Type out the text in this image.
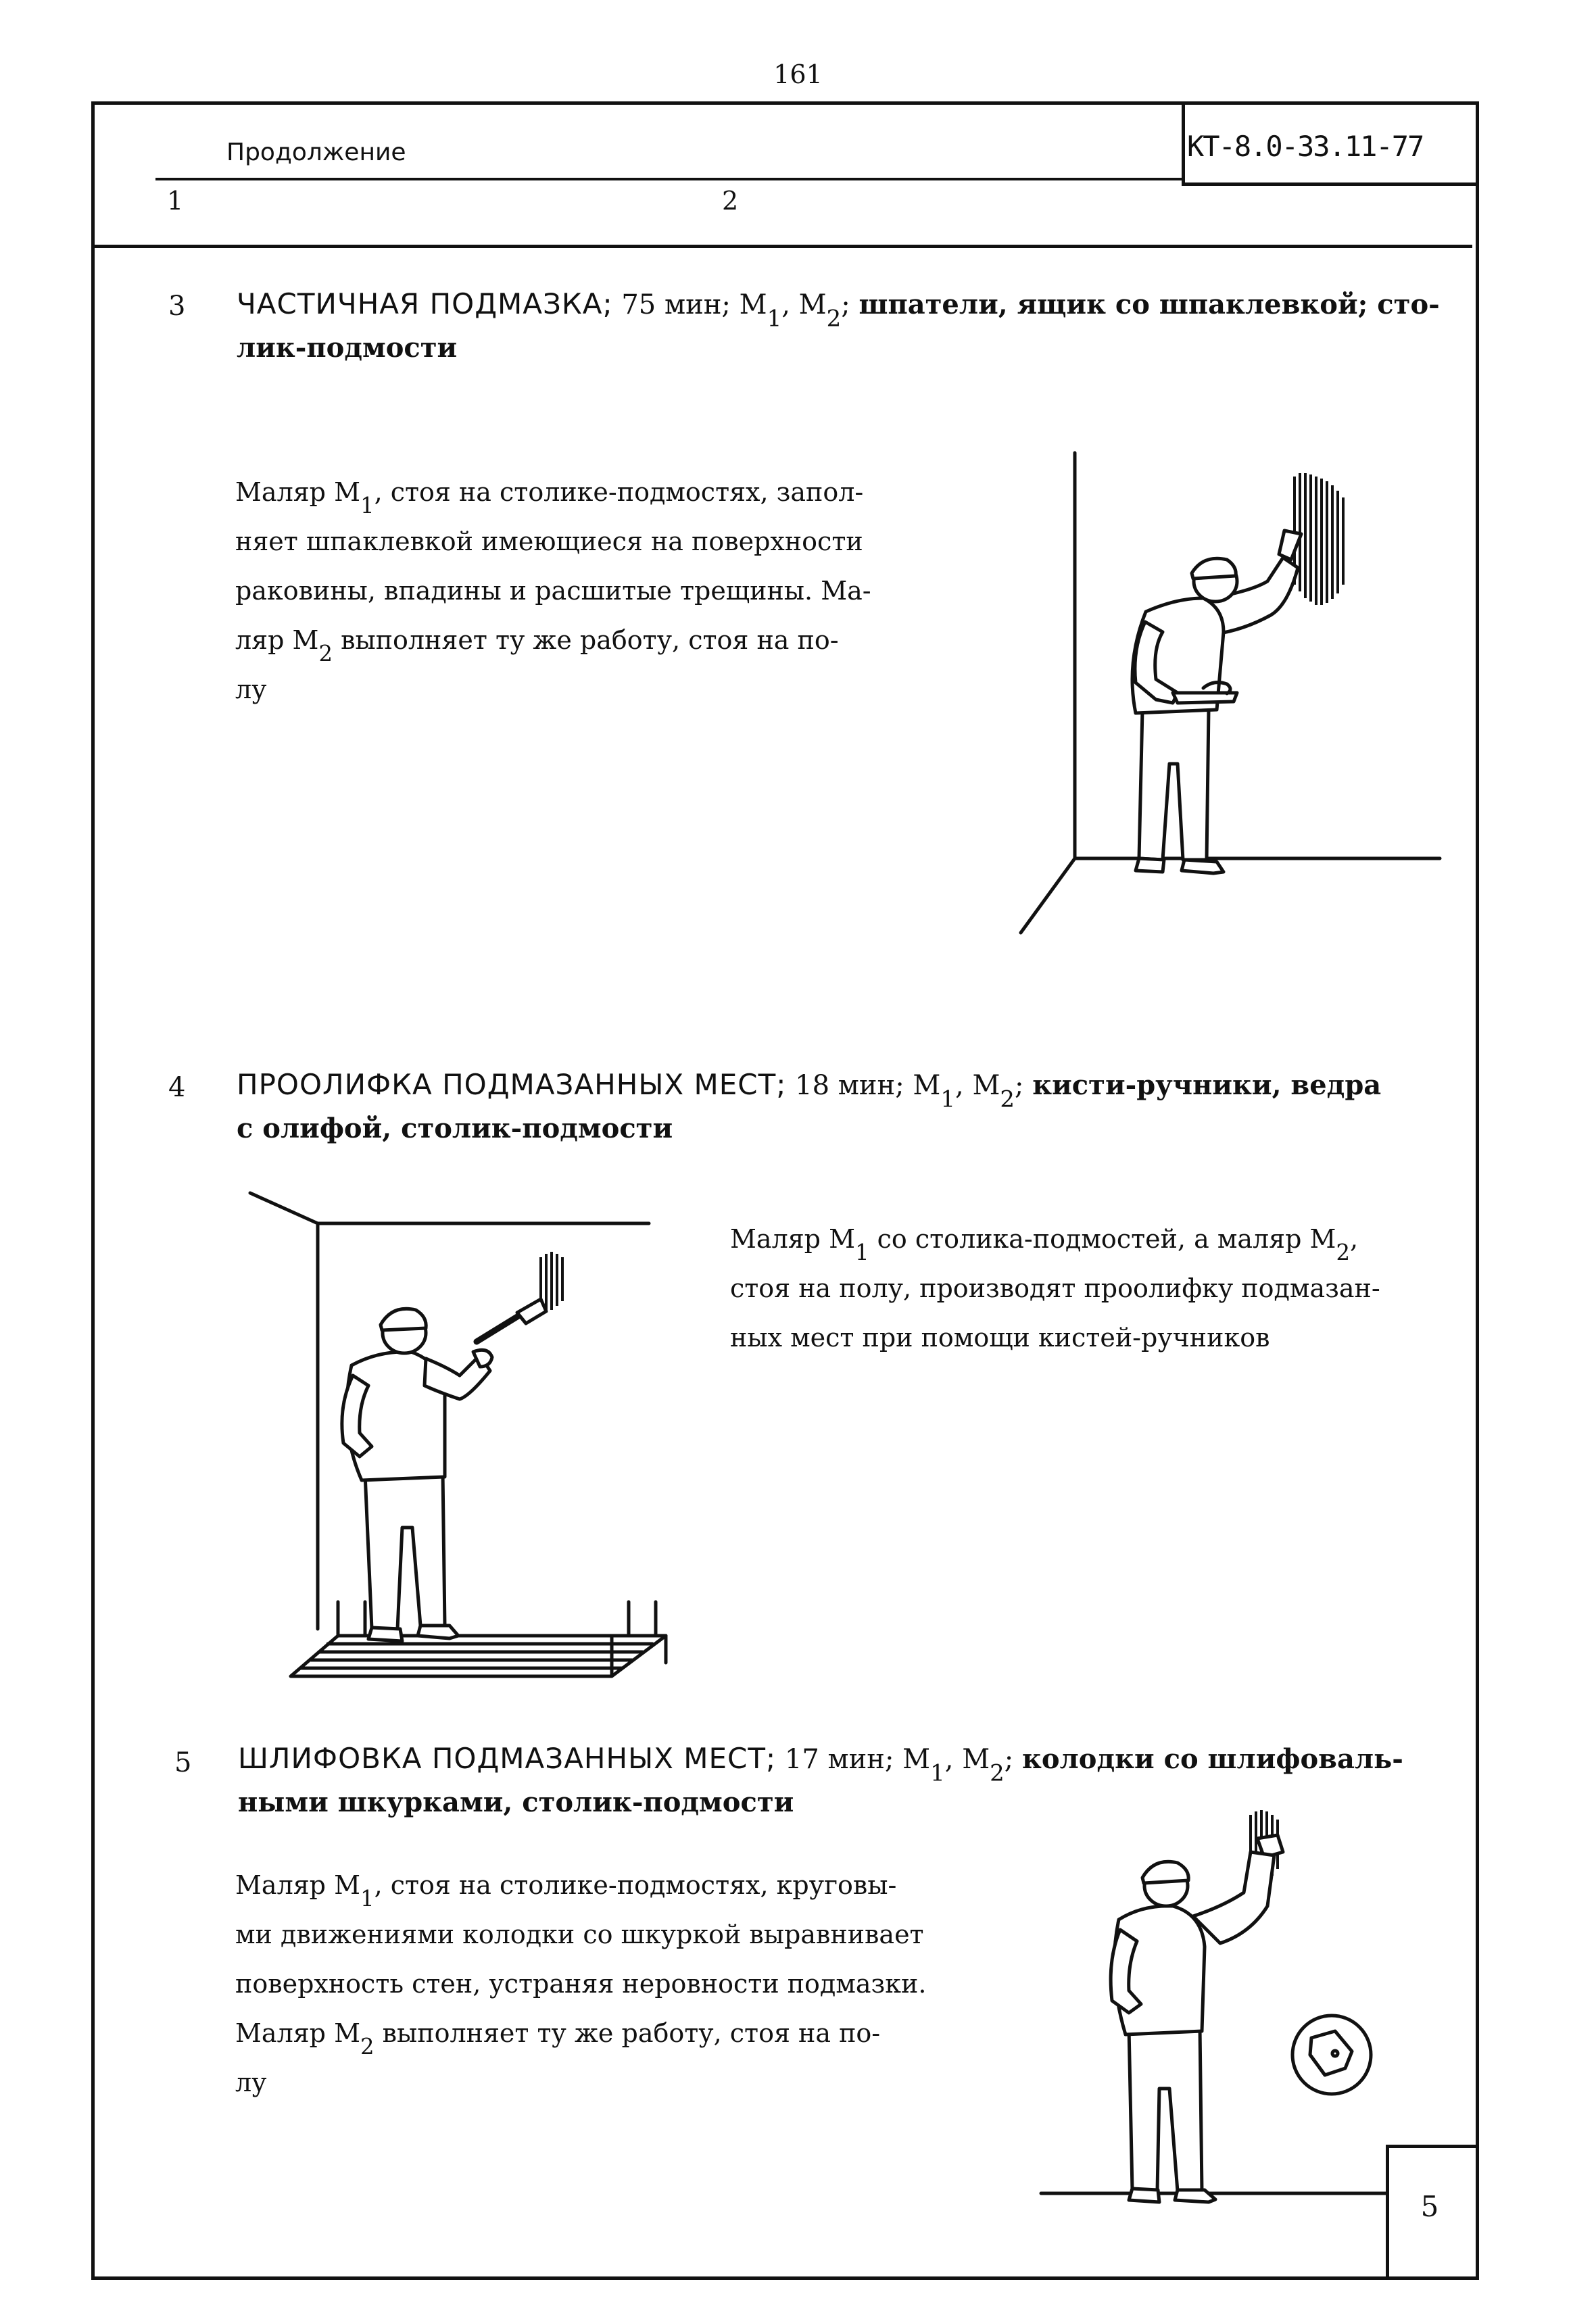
161
КТ-8.0-33.11-77
Продолжение
1	2
3 ЧАСТИЧНАЯ ПОДМАЗКА; 75 мин; $М_1$, $М_2$; шпатели, ящик со шпаклевкой; сто-
лик-подмости
Маляр $М_1$, стоя на столике-подмостях, запол-
няет шпаклевкой имеющиеся на поверхности
раковины, впадины и расшитые трещины. Ма-
ляр $М_2$ выполняет ту же работу, стоя на по-
лу
4 ПРООЛИФКА ПОДМАЗАННЫХ МЕСТ; 18 мин; $М_1$, $М_2$; кисти-ручники, ведра
с олифой, столик-подмости
Маляр $М_1$ со столика-подмостей, а маляр $М_2$,
стоя на полу, производят проолифку подмазан-
ных мест при помощи кистей-ручников
5 ШЛИФОВКА ПОДМАЗАННЫХ МЕСТ; 17 мин; $М_1$, $М_2$; колодки со шлифоваль-
ными шкурками, столик-подмости
Маляр $М_1$, стоя на столике-подмостях, круговы-
ми движениями колодки со шкуркой выравнивает
поверхность стен, устраняя неровности подмазки.
Маляр $М_2$ выполняет ту же работу, стоя на по-
лу
5
